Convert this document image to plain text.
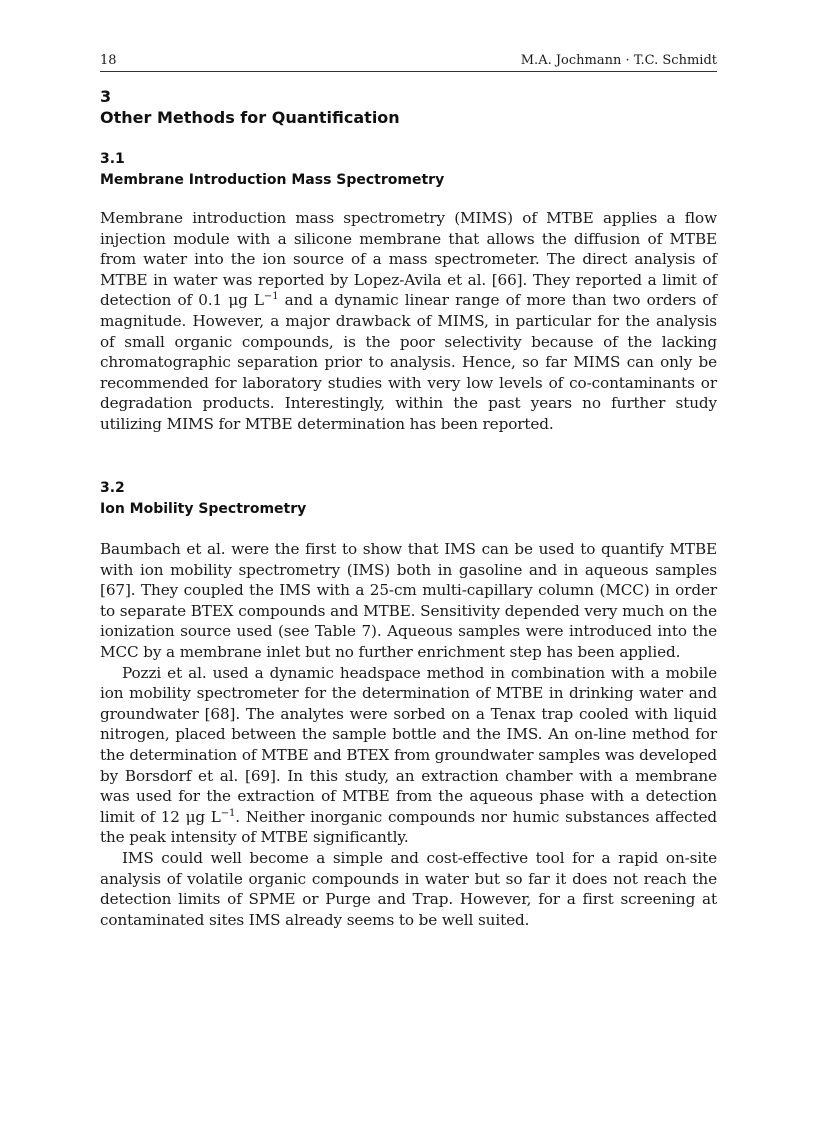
18	M.A. Jochmann · T.C. Schmidt
3
Other Methods for Quantification
3.1
Membrane Introduction Mass Spectrometry

Membrane introduction mass spectrometry (MIMS) of MTBE applies a flow injection module with a silicone membrane that allows the diffusion of MTBE from water into the ion source of a mass spectrometer. The direct analysis of MTBE in water was reported by Lopez-Avila et al. [66]. They reported a limit of detection of 0.1 μg $L^{-1}$ and a dynamic linear range of more than two orders of magnitude. However, a major drawback of MIMS, in particular for the analysis of small organic compounds, is the poor selectivity because of the lacking chromatographic separation prior to analysis. Hence, so far MIMS can only be recommended for laboratory studies with very low levels of co-contaminants or degradation products. Interestingly, within the past years no further study utilizing MIMS for MTBE determination has been reported.

3.2
Ion Mobility Spectrometry

Baumbach et al. were the first to show that IMS can be used to quantify MTBE with ion mobility spectrometry (IMS) both in gasoline and in aqueous samples [67]. They coupled the IMS with a 25-cm multi-capillary column (MCC) in order to separate BTEX compounds and MTBE. Sensitivity depended very much on the ionization source used (see Table 7). Aqueous samples were introduced into the MCC by a membrane inlet but no further enrichment step has been applied.

Pozzi et al. used a dynamic headspace method in combination with a mobile ion mobility spectrometer for the determination of MTBE in drinking water and groundwater [68]. The analytes were sorbed on a Tenax trap cooled with liquid nitrogen, placed between the sample bottle and the IMS. An on-line method for the determination of MTBE and BTEX from groundwater samples was developed by Borsdorf et al. [69]. In this study, an extraction chamber with a membrane was used for the extraction of MTBE from the aqueous phase with a detection limit of 12 μg $L^{-1}$. Neither inorganic compounds nor humic substances affected the peak intensity of MTBE significantly.

IMS could well become a simple and cost-effective tool for a rapid on-site analysis of volatile organic compounds in water but so far it does not reach the detection limits of SPME or Purge and Trap. However, for a first screening at contaminated sites IMS already seems to be well suited.
